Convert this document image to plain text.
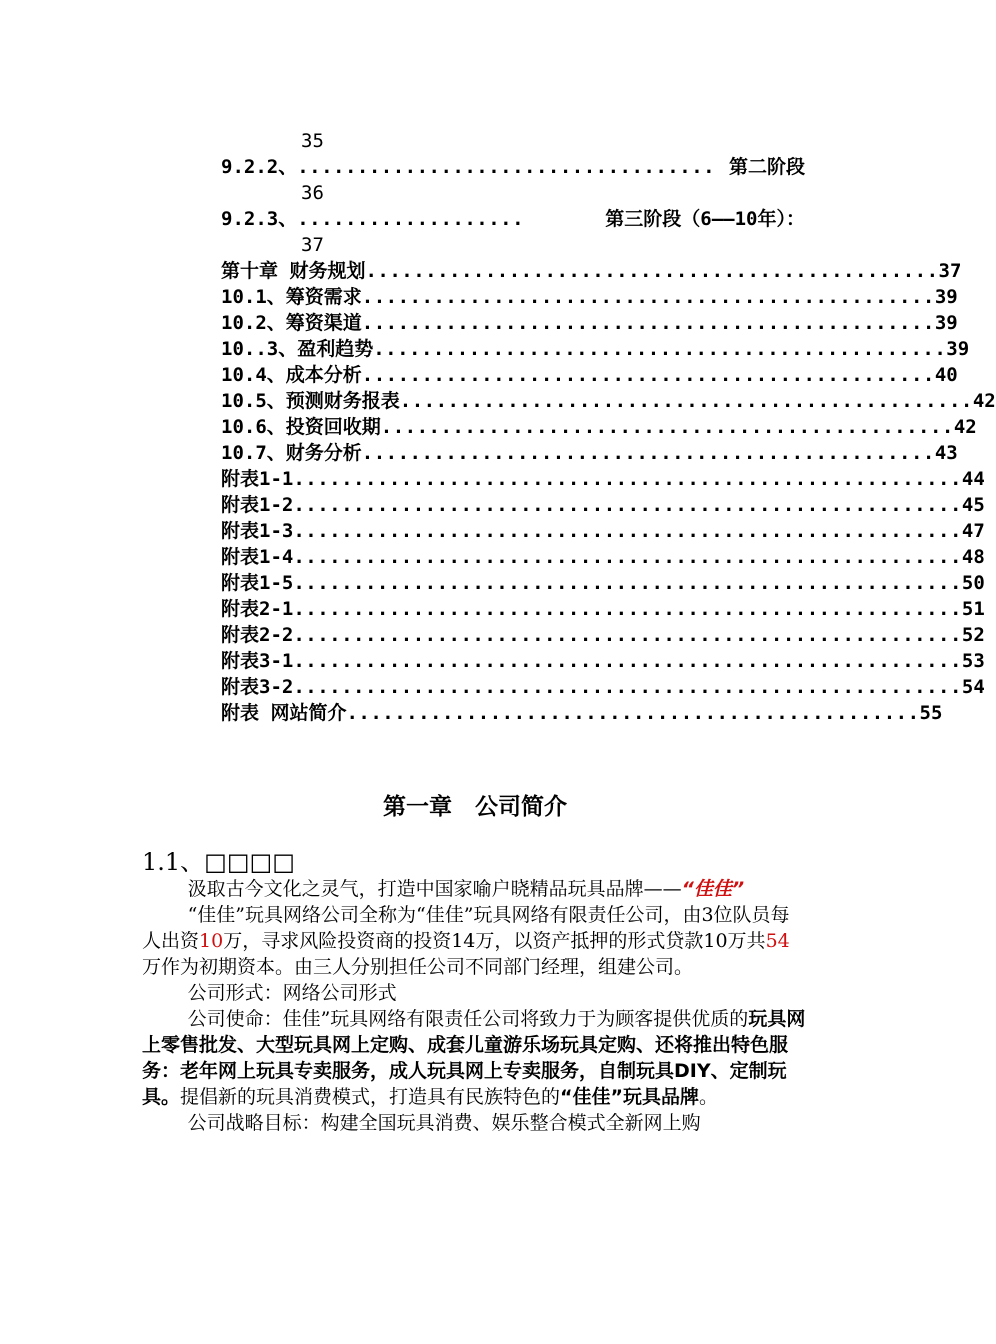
35
9.2.2、 ................................... 第二阶段
36
9.2.3、 ...................	第三阶段（6——10年）：
37
第十章 财务规划 ................................................ 37
10.1、筹资需求 ................................................ 39
10.2、筹资渠道 ................................................ 39
10..3、盈利趋势 ................................................ 39
10.4、成本分析 ................................................ 40
10.5、预测财务报表 ................................................ 42
10.6、投资回收期 ................................................ 42
10.7、财务分析 ................................................ 43
附表1-1 ........................................................ 44
附表1-2 ........................................................ 45
附表1-3 ........................................................ 47
附表1-4 ........................................................ 48
附表1-5 ........................................................ 50
附表2-1 ........................................................ 51
附表2-2 ........................................................ 52
附表3-1 ........................................................ 53
附表3-2 ........................................................ 54
附表 网站简介 ................................................ 55
第一章　公司简介
1.1、□□□□
汲取古今文化之灵气，打造中国家喻户晓精品玩具品牌——“佳佳”
“佳佳”玩具网络公司全称为“佳佳”玩具网络有限责任公司，由3位队员每人出资10万，寻求风险投资商的投资14万，以资产抵押的形式贷款10万共54万作为初期资本。由三人分别担任公司不同部门经理，组建公司。
公司形式：网络公司形式
公司使命：佳佳”玩具网络有限责任公司将致力于为顾客提供优质的玩具网上零售批发、大型玩具网上定购、成套儿童游乐场玩具定购、还将推出特色服务：老年网上玩具专卖服务，成人玩具网上专卖服务，自制玩具DIY、定制玩具。提倡新的玩具消费模式，打造具有民族特色的“佳佳”玩具品牌。
公司战略目标：构建全国玩具消费、娱乐整合模式全新网上购
